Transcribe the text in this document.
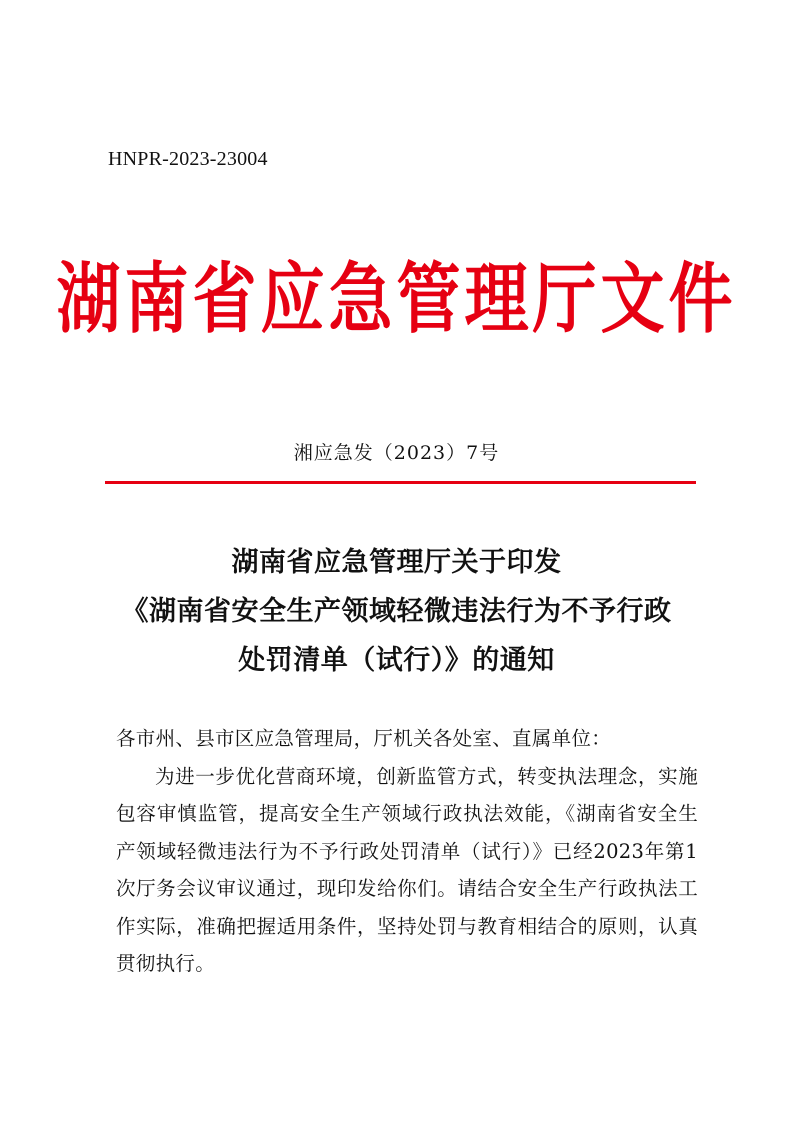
HNPR-2023-23004
湖南省应急管理厅文件
湘应急发（2023）7号
湖南省应急管理厅关于印发
《湖南省安全生产领域轻微违法行为不予行政
处罚清单（试行）》的通知

各市州、县市区应急管理局，厅机关各处室、直属单位：

为进一步优化营商环境，创新监管方式，转变执法理念，实施包容审慎监管，提高安全生产领域行政执法效能，《湖南省安全生产领域轻微违法行为不予行政处罚清单（试行）》已经2023年第1次厅务会议审议通过，现印发给你们。请结合安全生产行政执法工作实际，准确把握适用条件，坚持处罚与教育相结合的原则，认真贯彻执行。
